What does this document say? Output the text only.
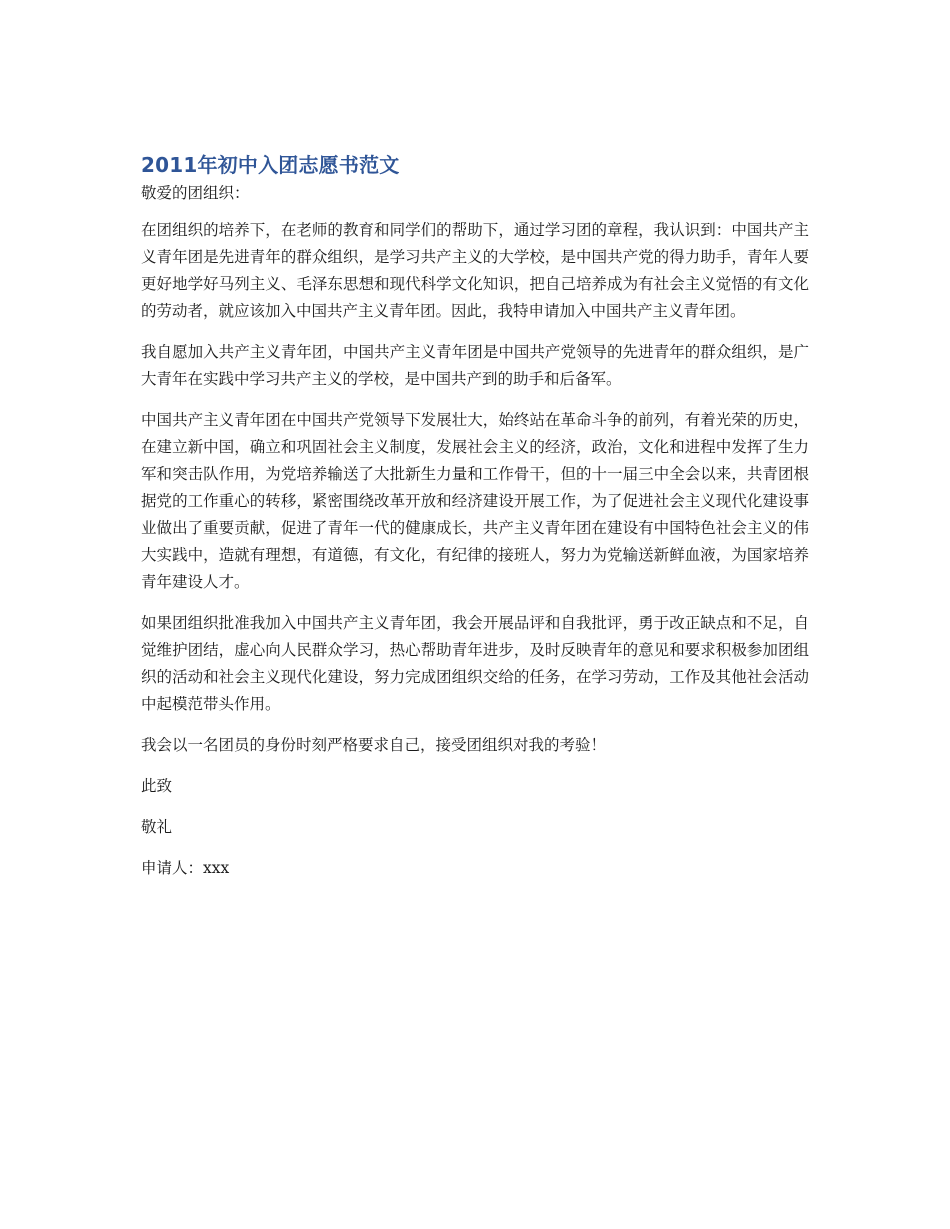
2011年初中入团志愿书范文

敬爱的团组织：

在团组织的培养下，在老师的教育和同学们的帮助下，通过学习团的章程，我认识到：中国共产主义青年团是先进青年的群众组织，是学习共产主义的大学校，是中国共产党的得力助手，青年人要更好地学好马列主义、毛泽东思想和现代科学文化知识，把自己培养成为有社会主义觉悟的有文化的劳动者，就应该加入中国共产主义青年团。因此，我特申请加入中国共产主义青年团。

我自愿加入共产主义青年团，中国共产主义青年团是中国共产党领导的先进青年的群众组织，是广大青年在实践中学习共产主义的学校，是中国共产到的助手和后备军。

中国共产主义青年团在中国共产党领导下发展壮大，始终站在革命斗争的前列，有着光荣的历史，在建立新中国，确立和巩固社会主义制度，发展社会主义的经济，政治，文化和进程中发挥了生力军和突击队作用，为党培养输送了大批新生力量和工作骨干，但的十一届三中全会以来，共青团根据党的工作重心的转移，紧密围绕改革开放和经济建设开展工作，为了促进社会主义现代化建设事业做出了重要贡献，促进了青年一代的健康成长，共产主义青年团在建设有中国特色社会主义的伟大实践中，造就有理想，有道德，有文化，有纪律的接班人，努力为党输送新鲜血液，为国家培养青年建设人才。

如果团组织批准我加入中国共产主义青年团，我会开展品评和自我批评，勇于改正缺点和不足，自觉维护团结，虚心向人民群众学习，热心帮助青年进步，及时反映青年的意见和要求积极参加团组织的活动和社会主义现代化建设，努力完成团组织交给的任务，在学习劳动，工作及其他社会活动中起模范带头作用。

我会以一名团员的身份时刻严格要求自己，接受团组织对我的考验！

此致

敬礼

申请人：xxx
